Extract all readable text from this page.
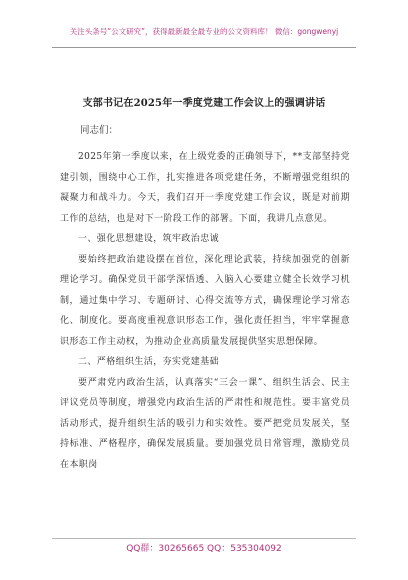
关注头条号“公文研究”，获得最新最全最专业的公文资料库！ 微信：gongwenyj
支部书记在2025年一季度党建工作会议上的强调讲话
同志们：

2025年第一季度以来，在上级党委的正确领导下，**支部坚持党建引领，围绕中心工作，扎实推进各项党建任务，不断增强党组织的凝聚力和战斗力。今天，我们召开一季度党建工作会议，既是对前期工作的总结，也是对下一阶段工作的部署。下面，我讲几点意见。

一、强化思想建设，筑牢政治忠诚

要始终把政治建设摆在首位，深化理论武装，持续加强党的创新理论学习。确保党员干部学深悟透、入脑入心要建立健全长效学习机制，通过集中学习、专题研讨、心得交流等方式，确保理论学习常态化、制度化。要高度重视意识形态工作，强化责任担当，牢牢掌握意识形态工作主动权，为推动企业高质量发展提供坚实思想保障。

二、严格组织生活，夯实党建基础

要严肃党内政治生活，认真落实“三会一课”、组织生活会、民主评议党员等制度，增强党内政治生活的严肃性和规范性。要丰富党员活动形式，提升组织生活的吸引力和实效性。要严把党员发展关，坚持标准、严格程序，确保发展质量。要加强党员日常管理，激励党员在本职岗

QQ群：30265665 QQ：535304092
